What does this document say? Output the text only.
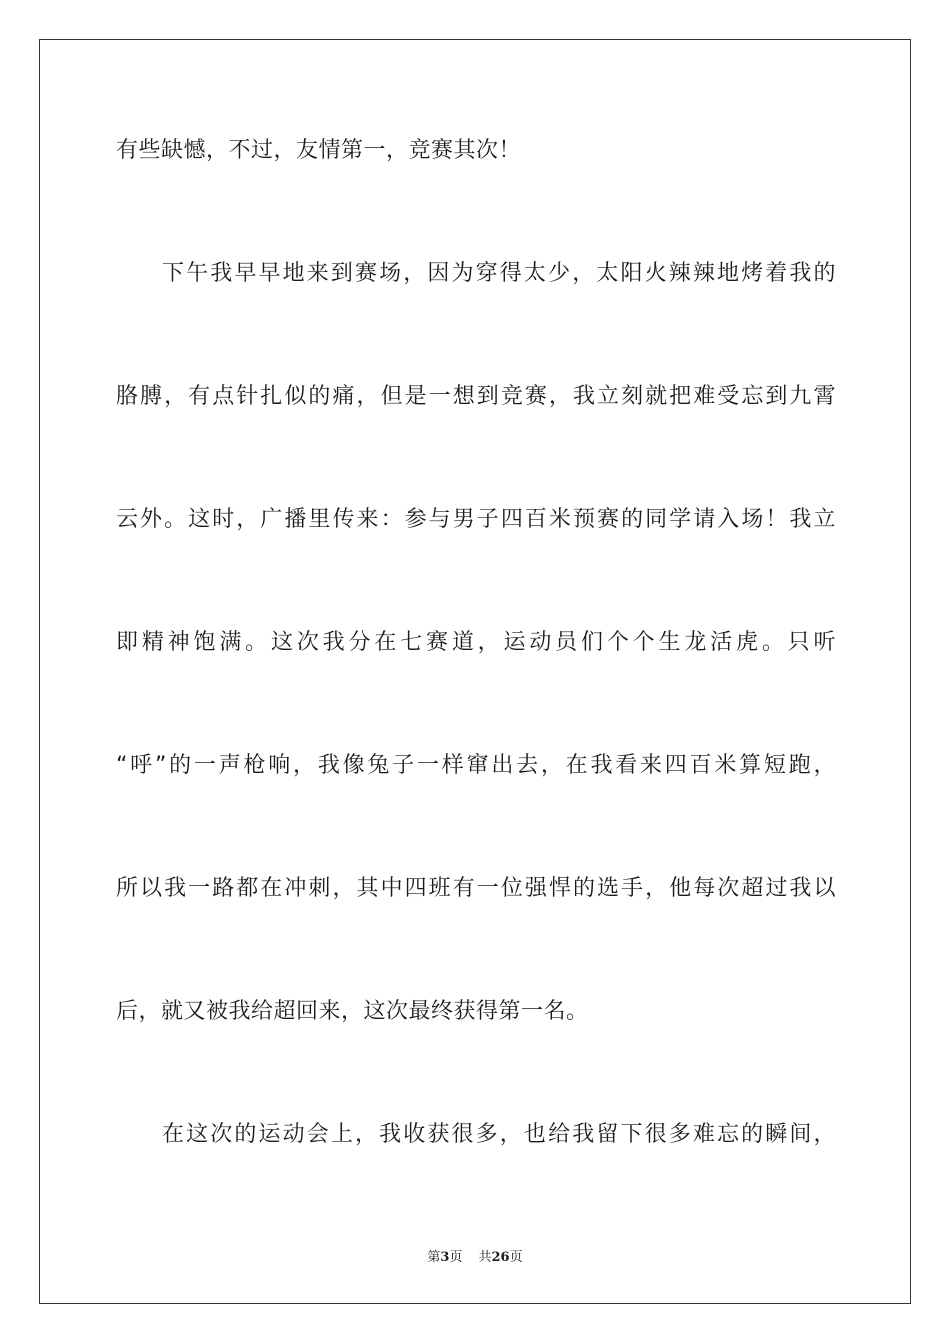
有些缺憾，不过，友情第一，竞赛其次！
下午我早早地来到赛场，因为穿得太少，太阳火辣辣地烤着我的
胳膊，有点针扎似的痛，但是一想到竞赛，我立刻就把难受忘到九霄
云外。这时，广播里传来：参与男子四百米预赛的同学请入场！我立
即精神饱满。这次我分在七赛道，运动员们个个生龙活虎。只听
“呼”的一声枪响，我像兔子一样窜出去，在我看来四百米算短跑，
所以我一路都在冲刺，其中四班有一位强悍的选手，他每次超过我以
后，就又被我给超回来，这次最终获得第一名。
在这次的运动会上，我收获很多，也给我留下很多难忘的瞬间，
第3页 共26页
